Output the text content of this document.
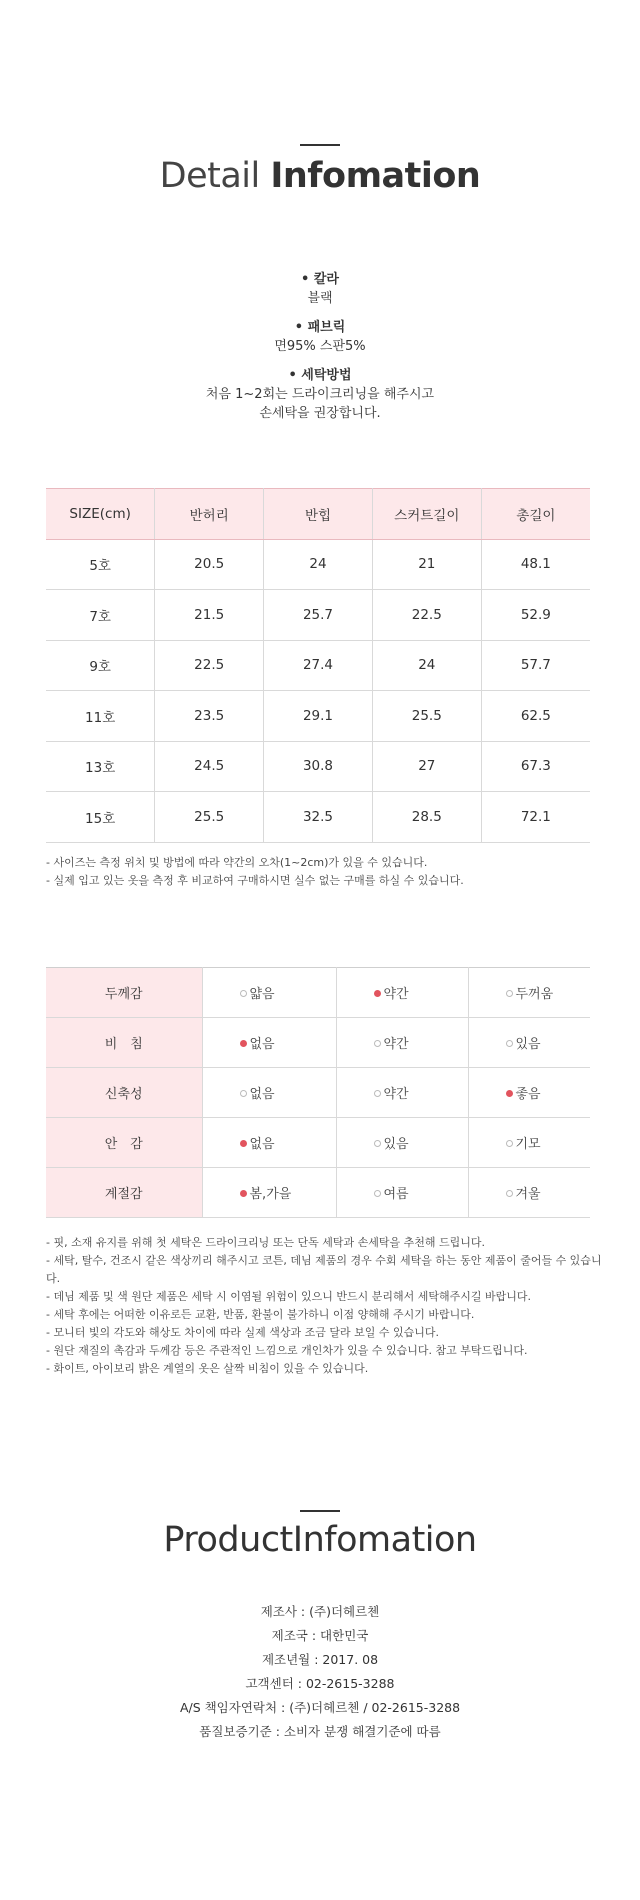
Detail Infomation
• 칼라
블랙
• 패브릭
면95% 스판5%
• 세탁방법
처음 1~2회는 드라이크리닝을 해주시고
손세탁을 권장합니다.
SIZE(cm)	반허리	반힙	스커트길이	총길이
5호	20.5	24	21	48.1
7호	21.5	25.7	22.5	52.9
9호	22.5	27.4	24	57.7
11호	23.5	29.1	25.5	62.5
13호	24.5	30.8	27	67.3
15호	25.5	32.5	28.5	72.1
- 사이즈는 측정 위치 및 방법에 따라 약간의 오차(1~2cm)가 있을 수 있습니다.
- 실제 입고 있는 옷을 측정 후 비교하여 구매하시면 실수 없는 구매를 하실 수 있습니다.
두께감	얇음	약간	두꺼움
비　침	없음	약간	있음
신축성	없음	약간	좋음
안　감	없음	있음	기모
계절감	봄,가을	여름	겨울
- 핏, 소재 유지를 위해 첫 세탁은 드라이크리닝 또는 단독 세탁과 손세탁을 추천해 드립니다.
- 세탁, 탈수, 건조시 같은 색상끼리 해주시고 코튼, 데님 제품의 경우 수회 세탁을 하는 동안 제품이 줄어들 수 있습니다.
- 데님 제품 및 색 원단 제품은 세탁 시 이염될 위험이 있으니 반드시 분리해서 세탁해주시길 바랍니다.
- 세탁 후에는 어떠한 이유로든 교환, 반품, 환불이 불가하니 이점 양해해 주시기 바랍니다.
- 모니터 빛의 각도와 해상도 차이에 따라 실제 색상과 조금 달라 보일 수 있습니다.
- 원단 재질의 촉감과 두께감 등은 주관적인 느낌으로 개인차가 있을 수 있습니다. 참고 부탁드립니다.
- 화이트, 아이보리 밝은 계열의 옷은 살짝 비침이 있을 수 있습니다.
ProductInfomation
제조사 : (주)더헤르첸
제조국 : 대한민국
제조년월 : 2017. 08
고객센터 : 02-2615-3288
A/S 책임자연락처 : (주)더헤르첸 / 02-2615-3288
품질보증기준 : 소비자 분쟁 해결기준에 따름
